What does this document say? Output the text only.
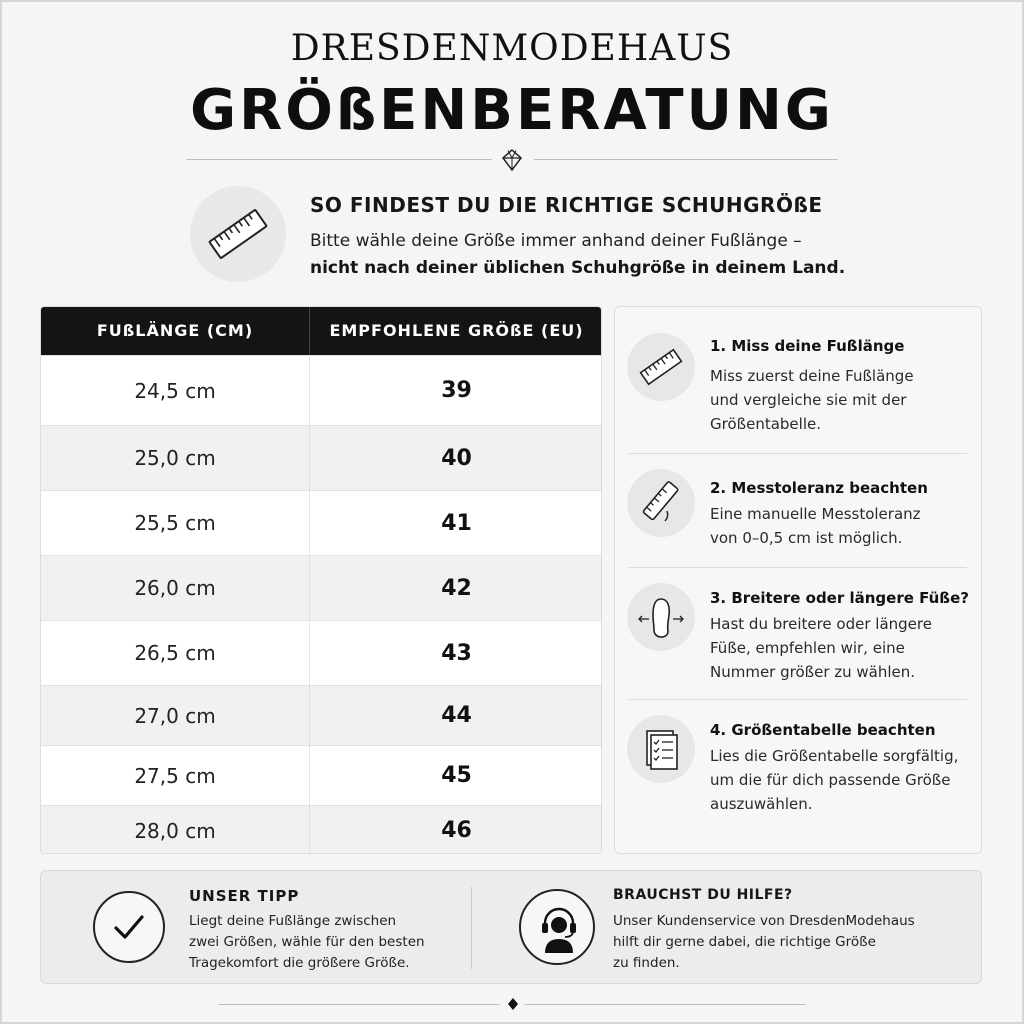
DRESDENMODEHAUS
GRÖßENBERATUNG
SO FINDEST DU DIE RICHTIGE SCHUHGRÖßE
Bitte wähle deine Größe immer anhand deiner Fußlänge –
nicht nach deiner üblichen Schuhgröße in deinem Land.
FUßLÄNGE (CM)	EMPFOHLENE GRÖßE (EU)
24,5 cm	39
25,0 cm	40
25,5 cm	41
26,0 cm	42
26,5 cm	43
27,0 cm	44
27,5 cm	45
28,0 cm	46
1. Miss deine Fußlänge
Miss zuerst deine Fußlänge
und vergleiche sie mit der
Größentabelle.
2. Messtoleranz beachten
Eine manuelle Messtoleranz
von 0–0,5 cm ist möglich.
3. Breitere oder längere Füße?
Hast du breitere oder längere
Füße, empfehlen wir, eine
Nummer größer zu wählen.
4. Größentabelle beachten
Lies die Größentabelle sorgfältig,
um die für dich passende Größe
auszuwählen.
UNSER TIPP
Liegt deine Fußlänge zwischen
zwei Größen, wähle für den besten
Tragekomfort die größere Größe.
BRAUCHST DU HILFE?
Unser Kundenservice von DresdenModehaus
hilft dir gerne dabei, die richtige Größe
zu finden.
